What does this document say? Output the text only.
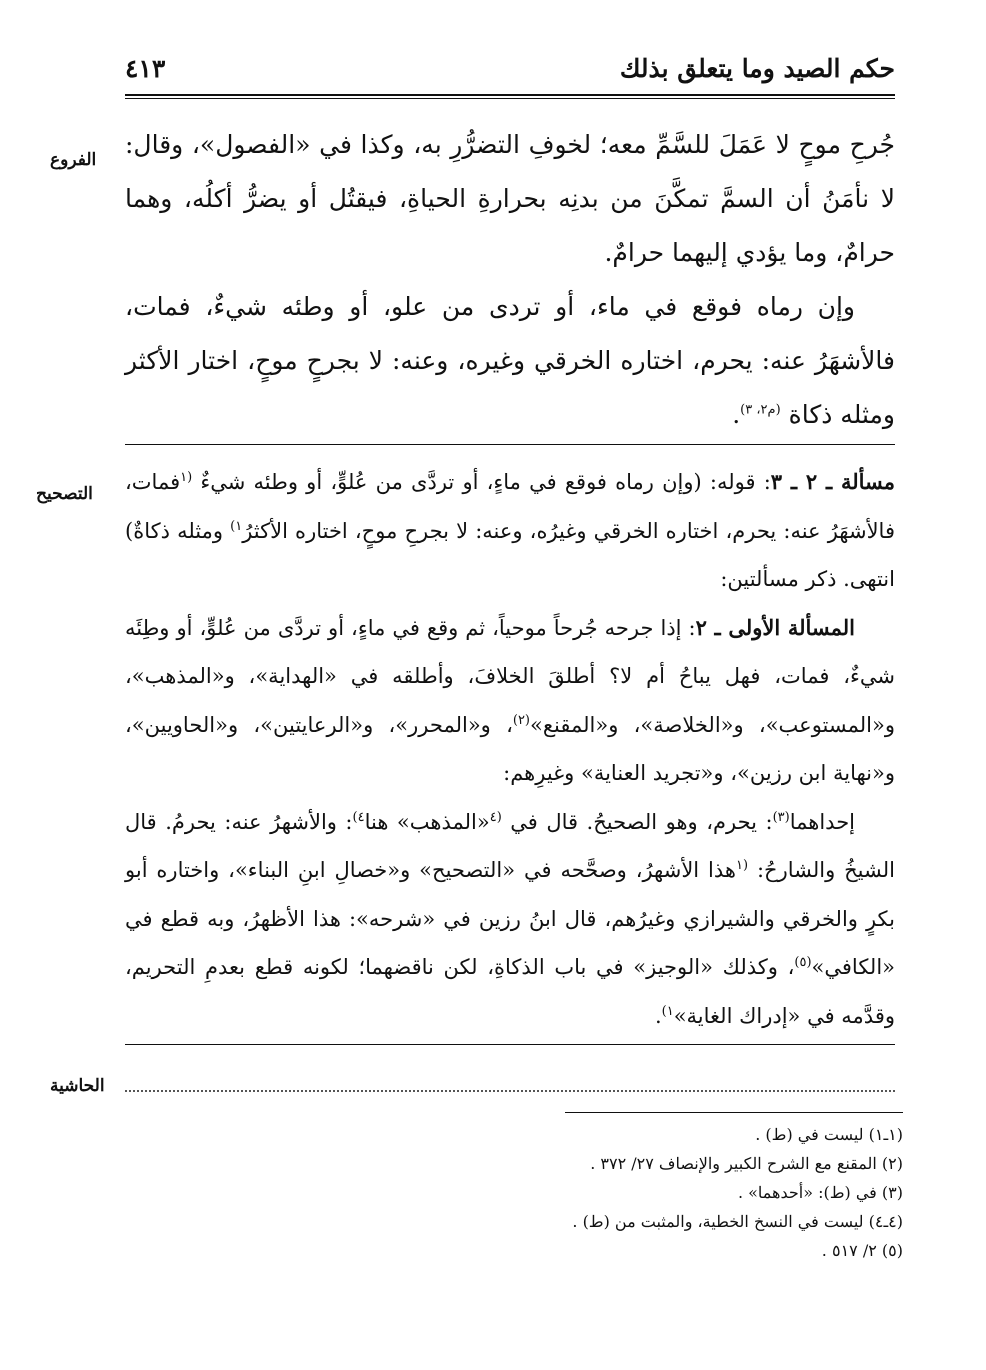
حكم الصيد وما يتعلق بذلك
٤١٣
الفروع

جُرحِ موحٍ لا عَمَلَ للسَّمِّ معه؛ لخوفِ التضرُّرِ به، وكذا في «الفصول»، وقال: لا نأمَنُ أن السمَّ تمكَّنَ من بدنِه بحرارةِ الحياةِ، فيقتُل أو يضرُّ أكلُه، وهما حرامٌ، وما يؤدي إليهما حرامٌ.

وإن رماه فوقع في ماء، أو تردى من علو، أو وطئه شيءٌ، فمات، فالأشهَرُ عنه: يحرم، اختاره الخرقي وغيره، وعنه: لا بجرحٍ موحٍ، اختار الأكثر ومثله ذكاة $^{(م٢، ٣)}$.

التصحيح	مسألة ـ ٢ ـ ٣: قوله: (وإن رماه فوقع في ماءٍ، أو تردَّى من عُلوٍّ، أو وطئه شيءٌ $^{(١}$فمات، فالأشهَرُ عنه: يحرم، اختاره الخرقي وغيرُه، وعنه: لا بجرحِ موحٍ، اختاره الأكثرُ$^{١)}$ ومثله ذكاةٌ) انتهى. ذكر مسألتين:

المسألة الأولى ـ ٢: إذا جرحه جُرحاً موحياً، ثم وقع في ماءٍ، أو تردَّى من عُلوٍّ، أو وطِئَه شيءٌ، فمات، فهل يباحُ أم لا؟ أطلقَ الخلافَ، وأطلقه في «الهداية»، و«المذهب»، و«المستوعب»، و«الخلاصة»، و«المقنع»$^{(٢)}$، و«المحرر»، و«الرعايتين»، و«الحاويين»، و«نهاية ابن رزين»، و«تجريد العناية» وغيرِهم:

إحداهما$^{(٣)}$: يحرم، وهو الصحيحُ. قال في $^{(٤}$«المذهب» هنا$^{٤)}$: والأشهرُ عنه: يحرمُ. قال الشيخُ والشارحُ: $^{(١}$هذا الأشهرُ، وصحَّحه في «التصحيح» و«خصالِ ابنِ البناء»، واختاره أبو بكرٍ والخرقي والشيرازي وغيرُهم، قال ابنُ رزين في «شرحه»: هذا الأظهرُ، وبه قطع في «الكافي»$^{(٥)}$، وكذلك «الوجيز» في باب الذكاةِ، لكن ناقضهما؛ لكونه قطع بعدمِ التحريم، وقدَّمه في «إدراك الغاية»$^{١)}$.

الحاشية
(١ـ١) ليست في (ط) .
(٢) المقنع مع الشرح الكبير والإنصاف ٢٧/ ٣٧٢ .
(٣) في (ط): «أحدهما» .
(٤ـ٤) ليست في النسخ الخطية، والمثبت من (ط) .
(٥) ٢/ ٥١٧ .
